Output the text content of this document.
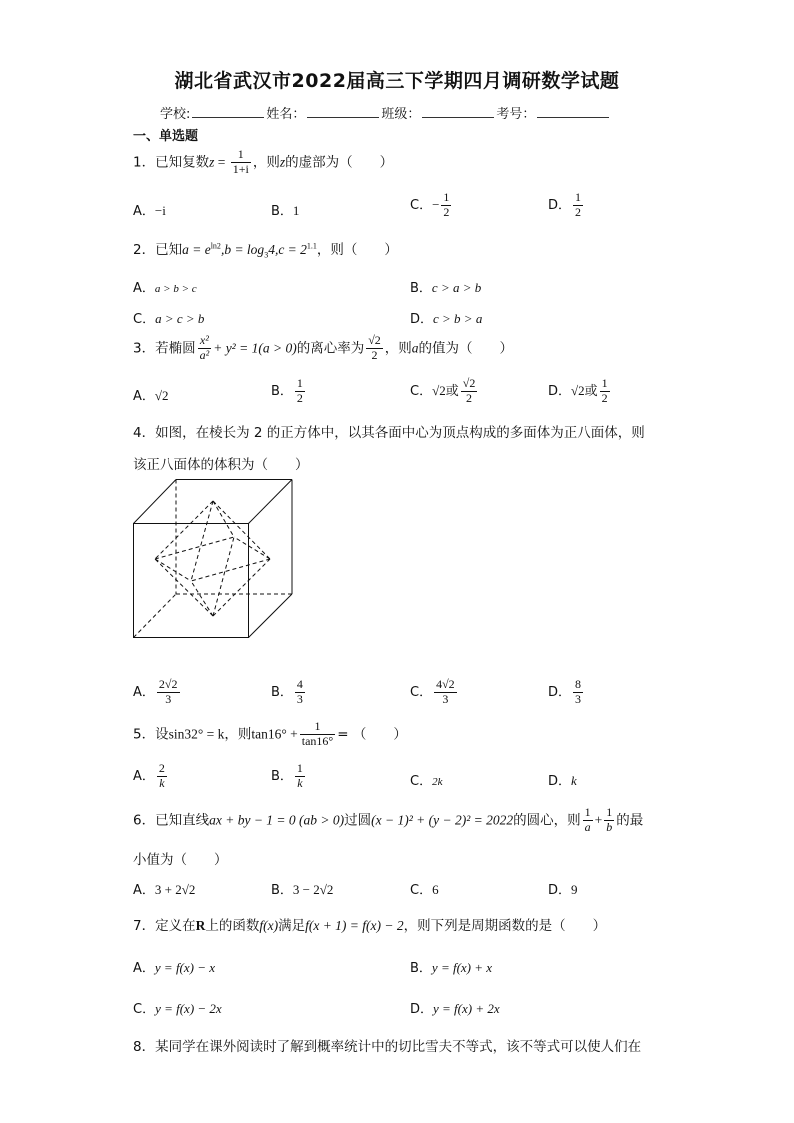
湖北省武汉市2022届高三下学期四月调研数学试题
学校:	姓名：	班级：	考号：
一、单选题
1．已知复数$z = \frac{1}{1+i}$ ，则z的虚部为（　　）
A．−i	B．1	C．− $\frac{1}{2}$	D． $\frac{1}{2}$
2．已知$a = e^{ln2},b = \log_34,c = 2^{1.1}$，则（　　）
A．a > b > c	B．c > a > b
C．a > c > b	D．c > b > a
3．若椭圆 $\frac{\text{x²}}{\text{a²}} + y^2 = 1(a > 0)$的离心率为 $\frac{√2}{2}$ ，则a的值为（　　）
A．√2	B． $\frac{1}{2}$	C．√2或 $\frac{√2}{2}$	D．√2或 $\frac{1}{2}$
4．如图，在棱长为 2 的正方体中，以其各面中心为顶点构成的多面体为正八面体，则
该正八面体的体积为（　　）
A． $\frac{2√2}{3}$	B． $\frac{4}{3}$	C． $\frac{4√2}{3}$	D． $\frac{8}{3}$
5．设sin32° = k，则$\tan 16^\circ + \frac{1}{\tan 16^\circ}$ = （　　）
A． $\frac{2}{k}$	B． $\frac{1}{k}$	C．2k	D．k
6．已知直线ax + by − 1 = 0 (ab > 0)过圆(x − 1)² + (y − 2)² = 2022的圆心，则 $\frac{1}{a} + \frac{1}{b}$ 的最
小值为（　　）
A．3 + 2√2	B．3 − 2√2	C．6	D．9
7．定义在R上的函数f(x)满足f(x + 1) = f(x) − 2，则下列是周期函数的是（　　）
A．y = f(x) − x	B．y = f(x) + x
C．y = f(x) − 2x	D．y = f(x) + 2x
8．某同学在课外阅读时了解到概率统计中的切比雪夫不等式，该不等式可以使人们在
